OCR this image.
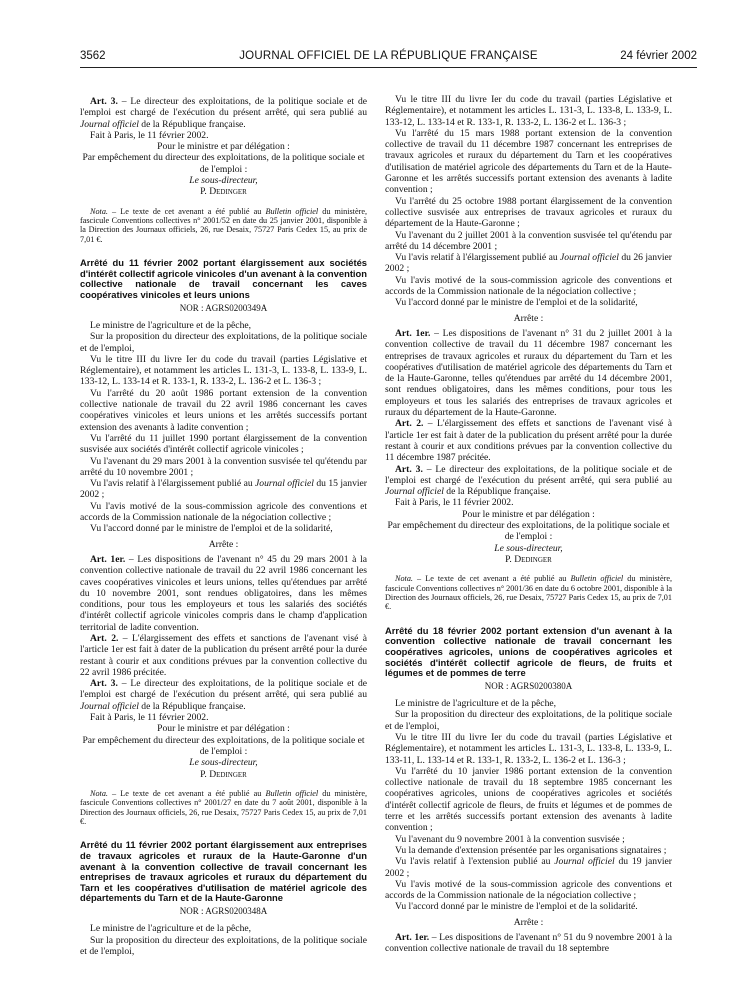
3562	JOURNAL OFFICIEL DE LA RÉPUBLIQUE FRANÇAISE	24 février 2002

Art. 3. – Le directeur des exploitations, de la politique sociale et de l'emploi est chargé de l'exécution du présent arrêté, qui sera publié au Journal officiel de la République française.

Fait à Paris, le 11 février 2002.

Pour le ministre et par délégation :

Par empêchement du directeur des exploitations, de la politique sociale et de l'emploi :

Le sous-directeur,

P. Dedinger

Nota. – Le texte de cet avenant a été publié au Bulletin officiel du ministère, fascicule Conventions collectives n° 2001/52 en date du 25 janvier 2001, disponible à la Direction des Journaux officiels, 26, rue Desaix, 75727 Paris Cedex 15, au prix de 7,01 €.

Arrêté du 11 février 2002 portant élargissement aux sociétés d'intérêt collectif agricole vinicoles d'un avenant à la convention collective nationale de travail concernant les caves coopératives vinicoles et leurs unions

NOR : AGRS0200349A

Le ministre de l'agriculture et de la pêche,

Sur la proposition du directeur des exploitations, de la politique sociale et de l'emploi,

Vu le titre III du livre Ier du code du travail (parties Législative et Réglementaire), et notamment les articles L. 131-3, L. 133-8, L. 133-9, L. 133-12, L. 133-14 et R. 133-1, R. 133-2, L. 136-2 et L. 136-3 ;

Vu l'arrêté du 20 août 1986 portant extension de la convention collective nationale de travail du 22 avril 1986 concernant les caves coopératives vinicoles et leurs unions et les arrêtés successifs portant extension des avenants à ladite convention ;

Vu l'arrêté du 11 juillet 1990 portant élargissement de la convention susvisée aux sociétés d'intérêt collectif agricole vinicoles ;

Vu l'avenant du 29 mars 2001 à la convention susvisée tel qu'étendu par arrêté du 10 novembre 2001 ;

Vu l'avis relatif à l'élargissement publié au Journal officiel du 15 janvier 2002 ;

Vu l'avis motivé de la sous-commission agricole des conventions et accords de la Commission nationale de la négociation collective ;

Vu l'accord donné par le ministre de l'emploi et de la solidarité,

Arrête :

Art. 1er. – Les dispositions de l'avenant n° 45 du 29 mars 2001 à la convention collective nationale de travail du 22 avril 1986 concernant les caves coopératives vinicoles et leurs unions, telles qu'étendues par arrêté du 10 novembre 2001, sont rendues obligatoires, dans les mêmes conditions, pour tous les employeurs et tous les salariés des sociétés d'intérêt collectif agricole vinicoles compris dans le champ d'application territorial de ladite convention.

Art. 2. – L'élargissement des effets et sanctions de l'avenant visé à l'article 1er est fait à dater de la publication du présent arrêté pour la durée restant à courir et aux conditions prévues par la convention collective du 22 avril 1986 précitée.

Art. 3. – Le directeur des exploitations, de la politique sociale et de l'emploi est chargé de l'exécution du présent arrêté, qui sera publié au Journal officiel de la République française.

Fait à Paris, le 11 février 2002.

Pour le ministre et par délégation :

Par empêchement du directeur des exploitations, de la politique sociale et de l'emploi :

Le sous-directeur,

P. Dedinger

Nota. – Le texte de cet avenant a été publié au Bulletin officiel du ministère, fascicule Conventions collectives n° 2001/27 en date du 7 août 2001, disponible à la Direction des Journaux officiels, 26, rue Desaix, 75727 Paris Cedex 15, au prix de 7,01 €.

Arrêté du 11 février 2002 portant élargissement aux entreprises de travaux agricoles et ruraux de la Haute-Garonne d'un avenant à la convention collective de travail concernant les entreprises de travaux agricoles et ruraux du département du Tarn et les coopératives d'utilisation de matériel agricole des départements du Tarn et de la Haute-Garonne

NOR : AGRS0200348A

Le ministre de l'agriculture et de la pêche,

Sur la proposition du directeur des exploitations, de la politique sociale et de l'emploi,

Vu le titre III du livre Ier du code du travail (parties Législative et Réglementaire), et notamment les articles L. 131-3, L. 133-8, L. 133-9, L. 133-12, L. 133-14 et R. 133-1, R. 133-2, L. 136-2 et L. 136-3 ;

Vu l'arrêté du 15 mars 1988 portant extension de la convention collective de travail du 11 décembre 1987 concernant les entreprises de travaux agricoles et ruraux du département du Tarn et les coopératives d'utilisation de matériel agricole des départements du Tarn et de la Haute-Garonne et les arrêtés successifs portant extension des avenants à ladite convention ;

Vu l'arrêté du 25 octobre 1988 portant élargissement de la convention collective susvisée aux entreprises de travaux agricoles et ruraux du département de la Haute-Garonne ;

Vu l'avenant du 2 juillet 2001 à la convention susvisée tel qu'étendu par arrêté du 14 décembre 2001 ;

Vu l'avis relatif à l'élargissement publié au Journal officiel du 26 janvier 2002 ;

Vu l'avis motivé de la sous-commission agricole des conventions et accords de la Commission nationale de la négociation collective ;

Vu l'accord donné par le ministre de l'emploi et de la solidarité,

Arrête :

Art. 1er. – Les dispositions de l'avenant n° 31 du 2 juillet 2001 à la convention collective de travail du 11 décembre 1987 concernant les entreprises de travaux agricoles et ruraux du département du Tarn et les coopératives d'utilisation de matériel agricole des départements du Tarn et de la Haute-Garonne, telles qu'étendues par arrêté du 14 décembre 2001, sont rendues obligatoires, dans les mêmes conditions, pour tous les employeurs et tous les salariés des entreprises de travaux agricoles et ruraux du département de la Haute-Garonne.

Art. 2. – L'élargissement des effets et sanctions de l'avenant visé à l'article 1er est fait à dater de la publication du présent arrêté pour la durée restant à courir et aux conditions prévues par la convention collective du 11 décembre 1987 précitée.

Art. 3. – Le directeur des exploitations, de la politique sociale et de l'emploi est chargé de l'exécution du présent arrêté, qui sera publié au Journal officiel de la République française.

Fait à Paris, le 11 février 2002.

Pour le ministre et par délégation :

Par empêchement du directeur des exploitations, de la politique sociale et de l'emploi :

Le sous-directeur,

P. Dedinger

Nota. – Le texte de cet avenant a été publié au Bulletin officiel du ministère, fascicule Conventions collectives n° 2001/36 en date du 6 octobre 2001, disponible à la Direction des Journaux officiels, 26, rue Desaix, 75727 Paris Cedex 15, au prix de 7,01 €.

Arrêté du 18 février 2002 portant extension d'un avenant à la convention collective nationale de travail concernant les coopératives agricoles, unions de coopératives agricoles et sociétés d'intérêt collectif agricole de fleurs, de fruits et légumes et de pommes de terre

NOR : AGRS0200380A

Le ministre de l'agriculture et de la pêche,

Sur la proposition du directeur des exploitations, de la politique sociale et de l'emploi,

Vu le titre III du livre Ier du code du travail (parties Législative et Réglementaire), et notamment les articles L. 131-3, L. 133-8, L. 133-9, L. 133-11, L. 133-14 et R. 133-1, R. 133-2, L. 136-2 et L. 136-3 ;

Vu l'arrêté du 10 janvier 1986 portant extension de la convention collective nationale de travail du 18 septembre 1985 concernant les coopératives agricoles, unions de coopératives agricoles et sociétés d'intérêt collectif agricole de fleurs, de fruits et légumes et de pommes de terre et les arrêtés successifs portant extension des avenants à ladite convention ;

Vu l'avenant du 9 novembre 2001 à la convention susvisée ;

Vu la demande d'extension présentée par les organisations signataires ;

Vu l'avis relatif à l'extension publié au Journal officiel du 19 janvier 2002 ;

Vu l'avis motivé de la sous-commission agricole des conventions et accords de la Commission nationale de la négociation collective ;

Vu l'accord donné par le ministre de l'emploi et de la solidarité.

Arrête :

Art. 1er. – Les dispositions de l'avenant n° 51 du 9 novembre 2001 à la convention collective nationale de travail du 18 septembre
